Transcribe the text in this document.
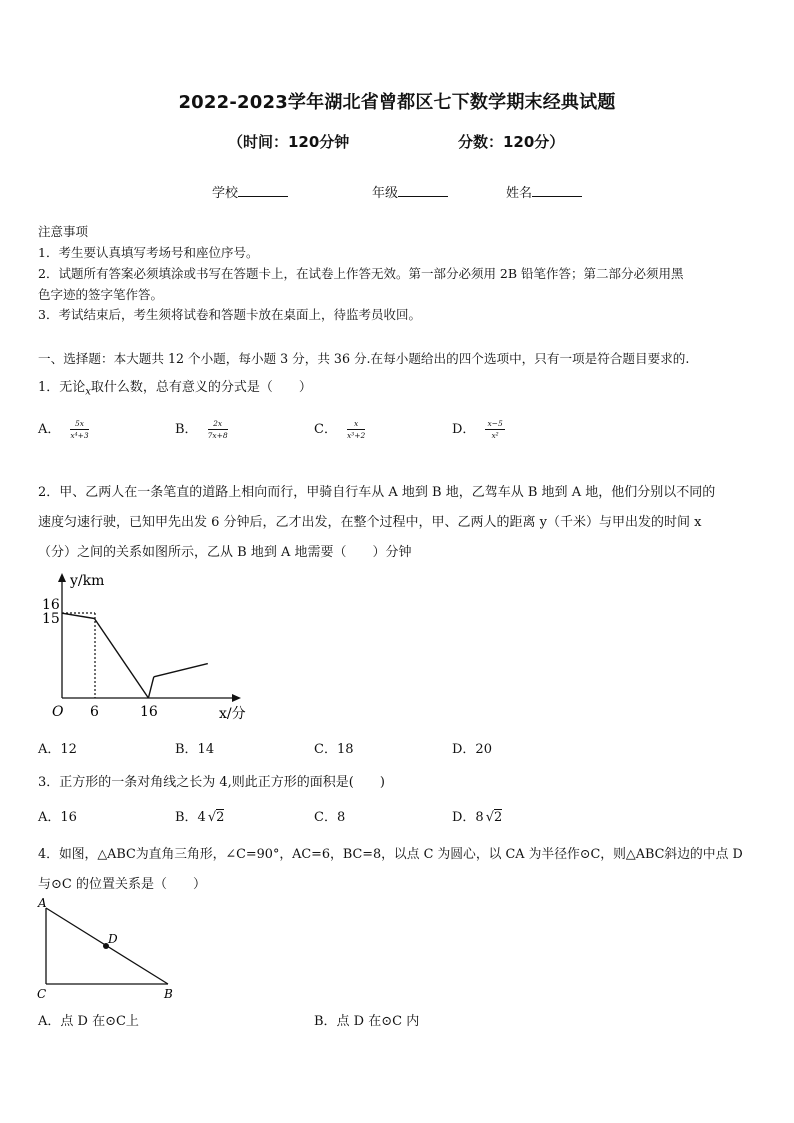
2022-2023学年湖北省曾都区七下数学期末经典试题
（时间：120分钟	分数：120分）
学校	年级	姓名
注意事项
1．考生要认真填写考场号和座位序号。
2．试题所有答案必须填涂或书写在答题卡上，在试卷上作答无效。第一部分必须用 2B 铅笔作答；第二部分必须用黑
色字迹的签字笔作答。
3．考试结束后，考生须将试卷和答题卡放在桌面上，待监考员收回。
一、选择题：本大题共 12 个小题，每小题 3 分，共 36 分.在每小题给出的四个选项中，只有一项是符合题目要求的.
1．无论$_x$取什么数，总有意义的分式是（　　）
A． $\frac{5x}{\text{x⁴+3}}$	B． $\frac{2x}{7x+8}$	C． $\frac{x}{\text{x³+2}}$	D． $\frac{x-5}{\text{x²}}$
2．甲、乙两人在一条笔直的道路上相向而行，甲骑自行车从 A 地到 B 地，乙驾车从 B 地到 A 地，他们分别以不同的
速度匀速行驶，已知甲先出发 6 分钟后，乙才出发，在整个过程中，甲、乙两人的距离 y（千米）与甲出发的时间 x
（分）之间的关系如图所示，乙从 B 地到 A 地需要（　　）分钟
y/km
x/分
O
16
15
6	16
A．12	B．14	C．18	D．20
3．正方形的一条对角线之长为 4,则此正方形的面积是(　　)
A．16	B．4 √2	C．8	D．8 √2
4．如图，△ABC为直角三角形，∠C=90°，AC=6，BC=8，以点 C 为圆心，以 CA 为半径作⊙C，则△ABC斜边的中点 D
与⊙C 的位置关系是（　　）
A
C	B
D
A．点 D 在⊙C上	B．点 D 在⊙C 内
